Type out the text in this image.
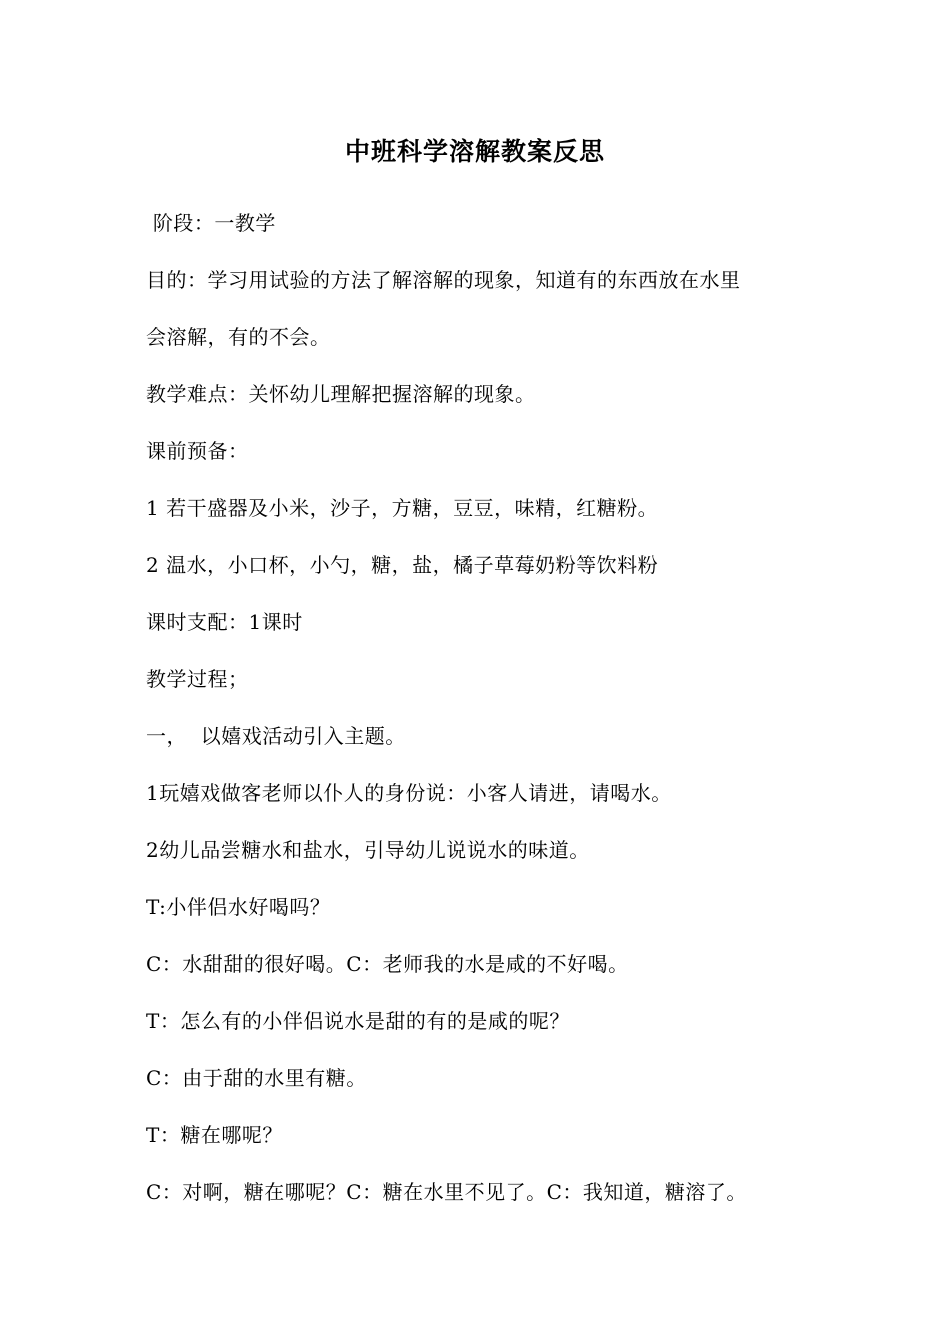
中班科学溶解教案反思
阶段：一教学
目的：学习用试验的方法了解溶解的现象，知道有的东西放在水里
会溶解，有的不会。
教学难点：关怀幼儿理解把握溶解的现象。
课前预备：
1 若干盛器及小米，沙子，方糖，豆豆，味精，红糖粉。
2 温水，小口杯，小勺，糖，盐，橘子草莓奶粉等饮料粉
课时支配：1课时
教学过程；
一，  以嬉戏活动引入主题。
1玩嬉戏做客老师以仆人的身份说：小客人请进，请喝水。
2幼儿品尝糖水和盐水，引导幼儿说说水的味道。
T:小伴侣水好喝吗？
C：水甜甜的很好喝。C：老师我的水是咸的不好喝。
T：怎么有的小伴侣说水是甜的有的是咸的呢？
C：由于甜的水里有糖。
T：糖在哪呢？
C：对啊，糖在哪呢？C：糖在水里不见了。C：我知道，糖溶了。
